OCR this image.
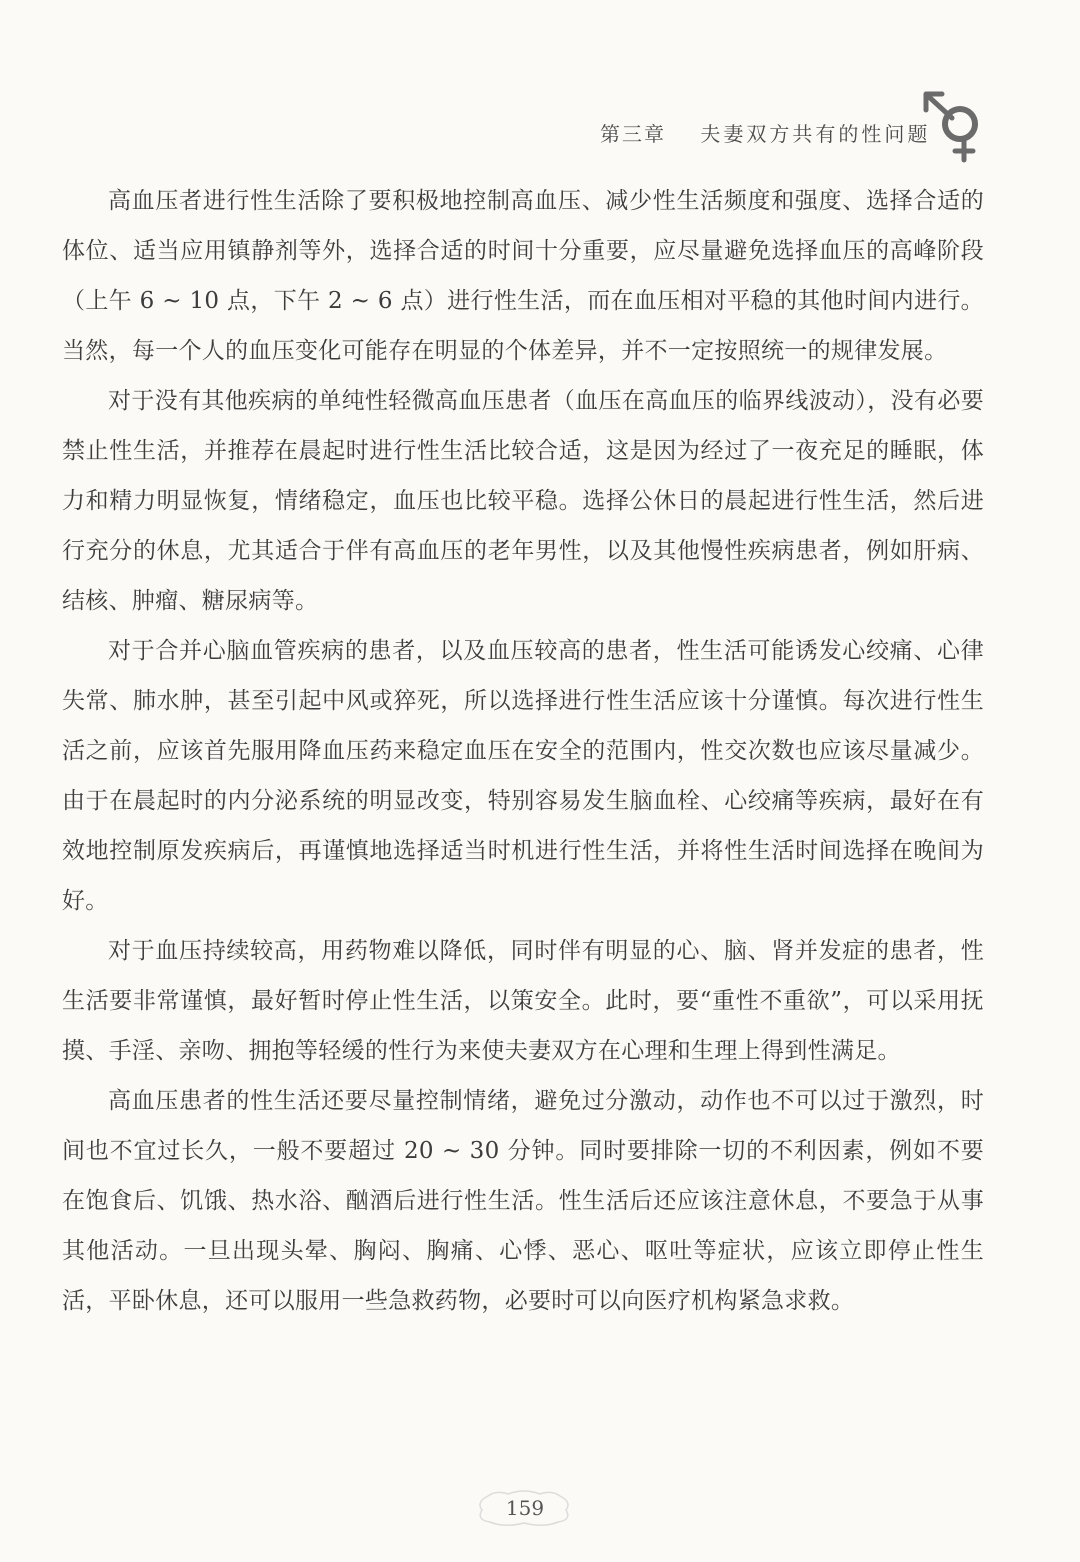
第三章 夫妻双方共有的性问题

高血压者进行性生活除了要积极地控制高血压、减少性生活频度和强度、选择合适的体位、适当应用镇静剂等外，选择合适的时间十分重要，应尽量避免选择血压的高峰阶段（上午 6 ~ 10 点，下午 2 ~ 6 点）进行性生活，而在血压相对平稳的其他时间内进行。当然，每一个人的血压变化可能存在明显的个体差异，并不一定按照统一的规律发展。

对于没有其他疾病的单纯性轻微高血压患者（血压在高血压的临界线波动），没有必要禁止性生活，并推荐在晨起时进行性生活比较合适，这是因为经过了一夜充足的睡眠，体力和精力明显恢复，情绪稳定，血压也比较平稳。选择公休日的晨起进行性生活，然后进行充分的休息，尤其适合于伴有高血压的老年男性，以及其他慢性疾病患者，例如肝病、结核、肿瘤、糖尿病等。

对于合并心脑血管疾病的患者，以及血压较高的患者，性生活可能诱发心绞痛、心律失常、肺水肿，甚至引起中风或猝死，所以选择进行性生活应该十分谨慎。每次进行性生活之前，应该首先服用降血压药来稳定血压在安全的范围内，性交次数也应该尽量减少。由于在晨起时的内分泌系统的明显改变，特别容易发生脑血栓、心绞痛等疾病，最好在有效地控制原发疾病后，再谨慎地选择适当时机进行性生活，并将性生活时间选择在晚间为好。

对于血压持续较高，用药物难以降低，同时伴有明显的心、脑、肾并发症的患者，性生活要非常谨慎，最好暂时停止性生活，以策安全。此时，要“重性不重欲”，可以采用抚摸、手淫、亲吻、拥抱等轻缓的性行为来使夫妻双方在心理和生理上得到性满足。

高血压患者的性生活还要尽量控制情绪，避免过分激动，动作也不可以过于激烈，时间也不宜过长久，一般不要超过 20 ~ 30 分钟。同时要排除一切的不利因素，例如不要在饱食后、饥饿、热水浴、酗酒后进行性生活。性生活后还应该注意休息，不要急于从事其他活动。一旦出现头晕、胸闷、胸痛、心悸、恶心、呕吐等症状，应该立即停止性生活，平卧休息，还可以服用一些急救药物，必要时可以向医疗机构紧急求救。

159
